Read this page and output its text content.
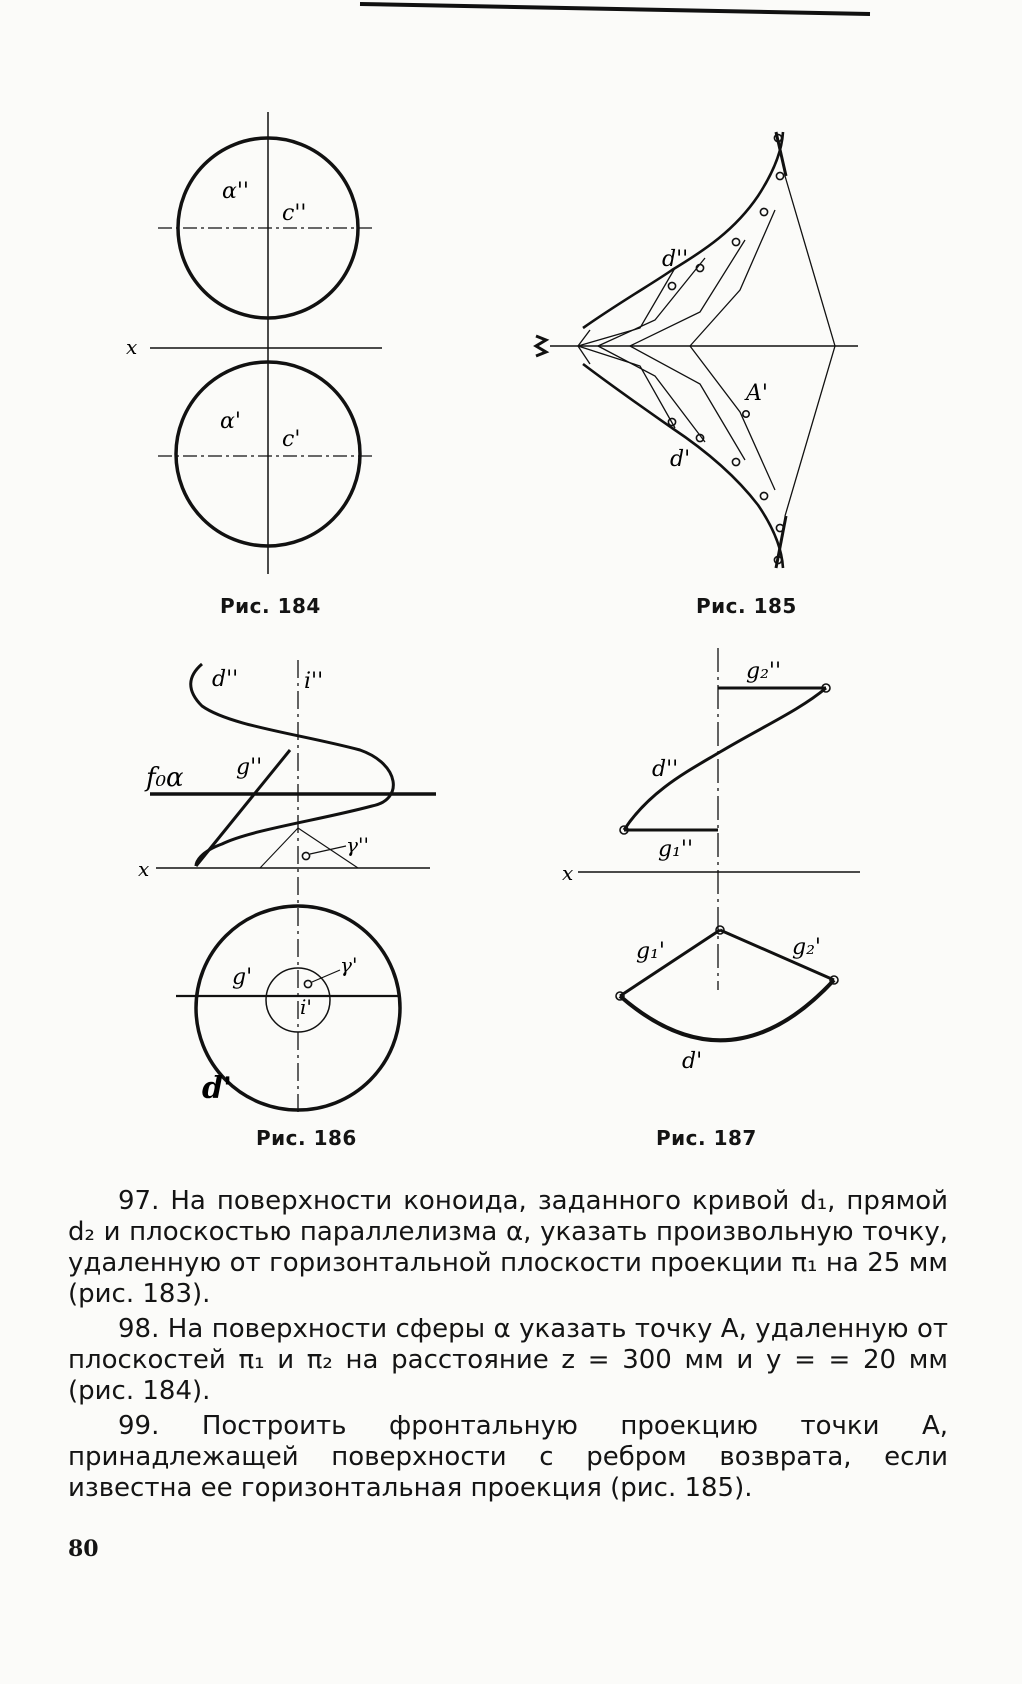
α''
c''
x
α'
c'
d''
A'
d'
d''	i''
f₀α g''
γ''
x
g'	γ'
i'
d'
g₂''
d''
g₁''
x
g₁'	g₂'
d'
Рис. 184	Рис. 185
Рис. 186	Рис. 187

97. На поверхности коноида, заданного кривой d₁, прямой d₂ и плоскостью параллелизма α, указать произвольную точку, удаленную от горизонтальной плоскости проекции π₁ на 25 мм (рис. 183).

98. На поверхности сферы α указать точку A, удаленную от плоскостей π₁ и π₂ на расстояние z = 300 мм и y = = 20 мм (рис. 184).

99. Построить фронтальную проекцию точки A, принадлежащей поверхности с ребром возврата, если известна ее горизонтальная проекция (рис. 185).

80
